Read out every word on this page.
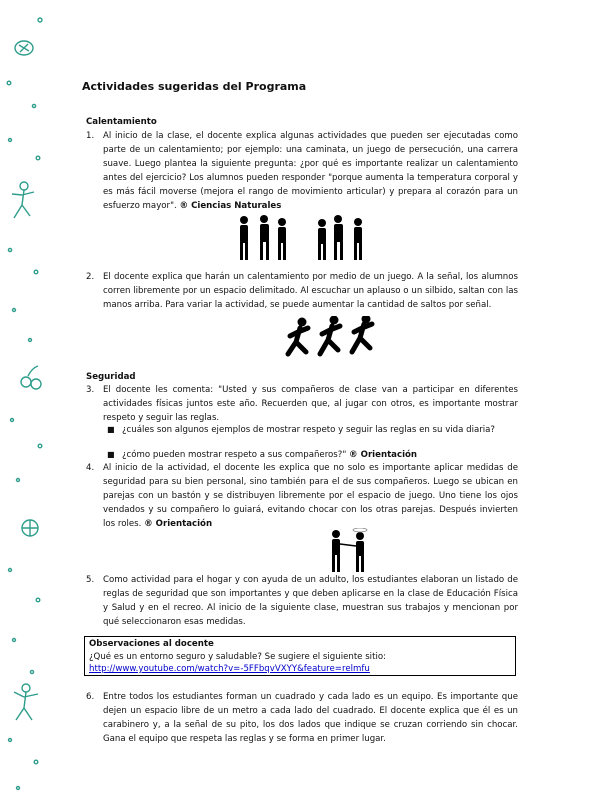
Actividades sugeridas del Programa
Calentamiento
1. Al inicio de la clase, el docente explica algunas actividades que pueden ser ejecutadas como parte de un calentamiento; por ejemplo: una caminata, un juego de persecución, una carrera suave. Luego plantea la siguiente pregunta: ¿por qué es importante realizar un calentamiento antes del ejercicio? Los alumnos pueden responder "porque aumenta la temperatura corporal y es más fácil moverse (mejora el rango de movimiento articular) y prepara al corazón para un esfuerzo mayor". ® Ciencias Naturales
2. El docente explica que harán un calentamiento por medio de un juego. A la señal, los alumnos corren libremente por un espacio delimitado. Al escuchar un aplauso o un silbido, saltan con las manos arriba. Para variar la actividad, se puede aumentar la cantidad de saltos por señal.
Seguridad
3. El docente les comenta: "Usted y sus compañeros de clase van a participar en diferentes actividades físicas juntos este año. Recuerden que, al jugar con otros, es importante mostrar respeto y seguir las reglas.
■ ¿cuáles son algunos ejemplos de mostrar respeto y seguir las reglas en su vida diaria?
■ ¿cómo pueden mostrar respeto a sus compañeros?" ® Orientación
4. Al inicio de la actividad, el docente les explica que no solo es importante aplicar medidas de seguridad para su bien personal, sino también para el de sus compañeros. Luego se ubican en parejas con un bastón y se distribuyen libremente por el espacio de juego. Uno tiene los ojos vendados y su compañero lo guiará, evitando chocar con los otras parejas. Después invierten los roles. ® Orientación
5. Como actividad para el hogar y con ayuda de un adulto, los estudiantes elaboran un listado de reglas de seguridad que son importantes y que deben aplicarse en la clase de Educación Física y Salud y en el recreo. Al inicio de la siguiente clase, muestran sus trabajos y mencionan por qué seleccionaron esas medidas.
Observaciones al docente
¿Qué es un entorno seguro y saludable? Se sugiere el siguiente sitio:
http://www.youtube.com/watch?v=-5FFbqvVXYY&feature=relmfu
6. Entre todos los estudiantes forman un cuadrado y cada lado es un equipo. Es importante que dejen un espacio libre de un metro a cada lado del cuadrado. El docente explica que él es un carabinero y, a la señal de su pito, los dos lados que indique se cruzan corriendo sin chocar. Gana el equipo que respeta las reglas y se forma en primer lugar.
